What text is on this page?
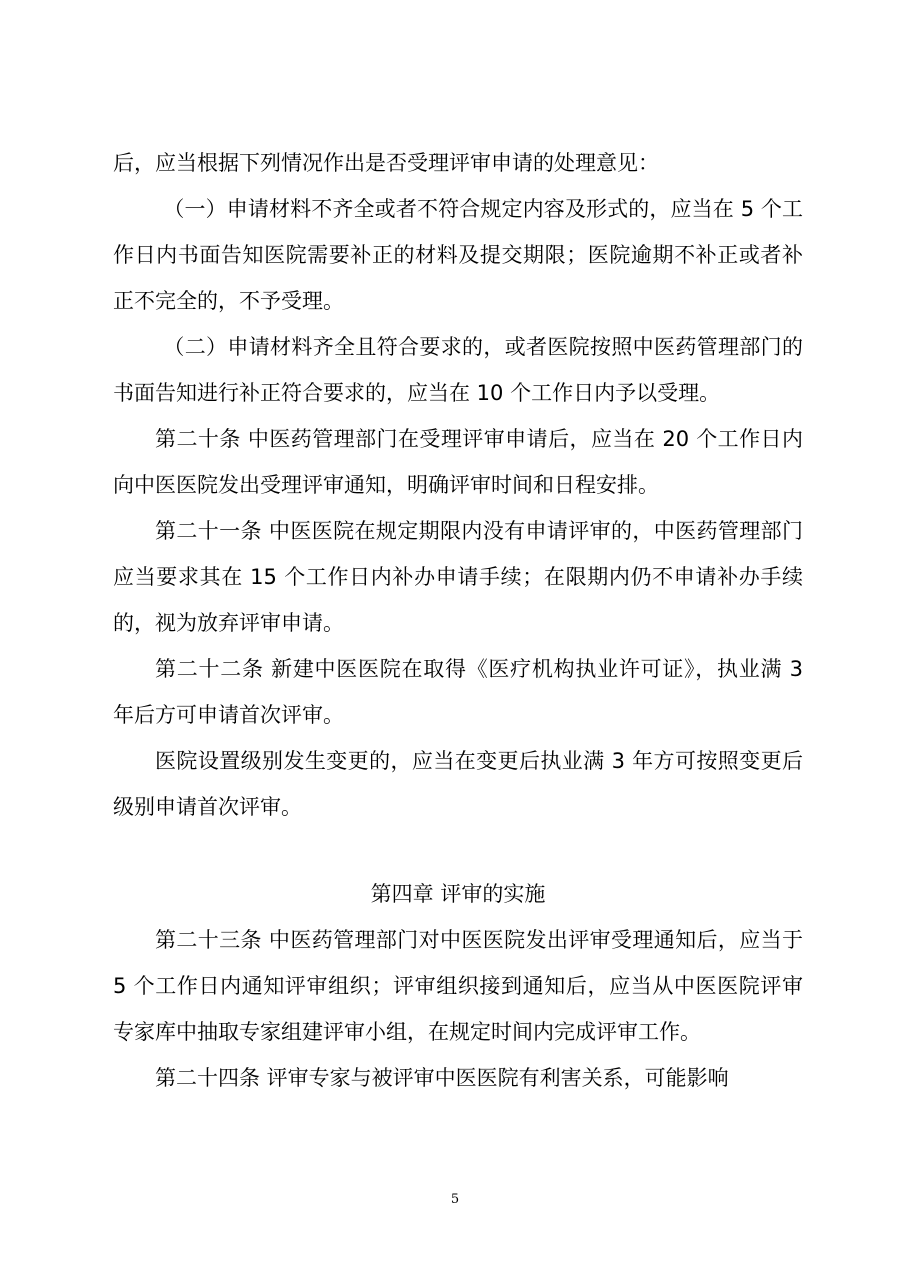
后，应当根据下列情况作出是否受理评审申请的处理意见：

（一）申请材料不齐全或者不符合规定内容及形式的，应当在 5 个工作日内书面告知医院需要补正的材料及提交期限；医院逾期不补正或者补正不完全的，不予受理。

（二）申请材料齐全且符合要求的，或者医院按照中医药管理部门的书面告知进行补正符合要求的，应当在 10 个工作日内予以受理。

第二十条 中医药管理部门在受理评审申请后，应当在 20 个工作日内向中医医院发出受理评审通知，明确评审时间和日程安排。

第二十一条 中医医院在规定期限内没有申请评审的，中医药管理部门应当要求其在 15 个工作日内补办申请手续；在限期内仍不申请补办手续的，视为放弃评审申请。

第二十二条 新建中医医院在取得《医疗机构执业许可证》，执业满 3 年后方可申请首次评审。

医院设置级别发生变更的，应当在变更后执业满 3 年方可按照变更后级别申请首次评审。

第四章 评审的实施

第二十三条 中医药管理部门对中医医院发出评审受理通知后，应当于 5 个工作日内通知评审组织；评审组织接到通知后，应当从中医医院评审专家库中抽取专家组建评审小组，在规定时间内完成评审工作。

第二十四条 评审专家与被评审中医医院有利害关系，可能影响

5
